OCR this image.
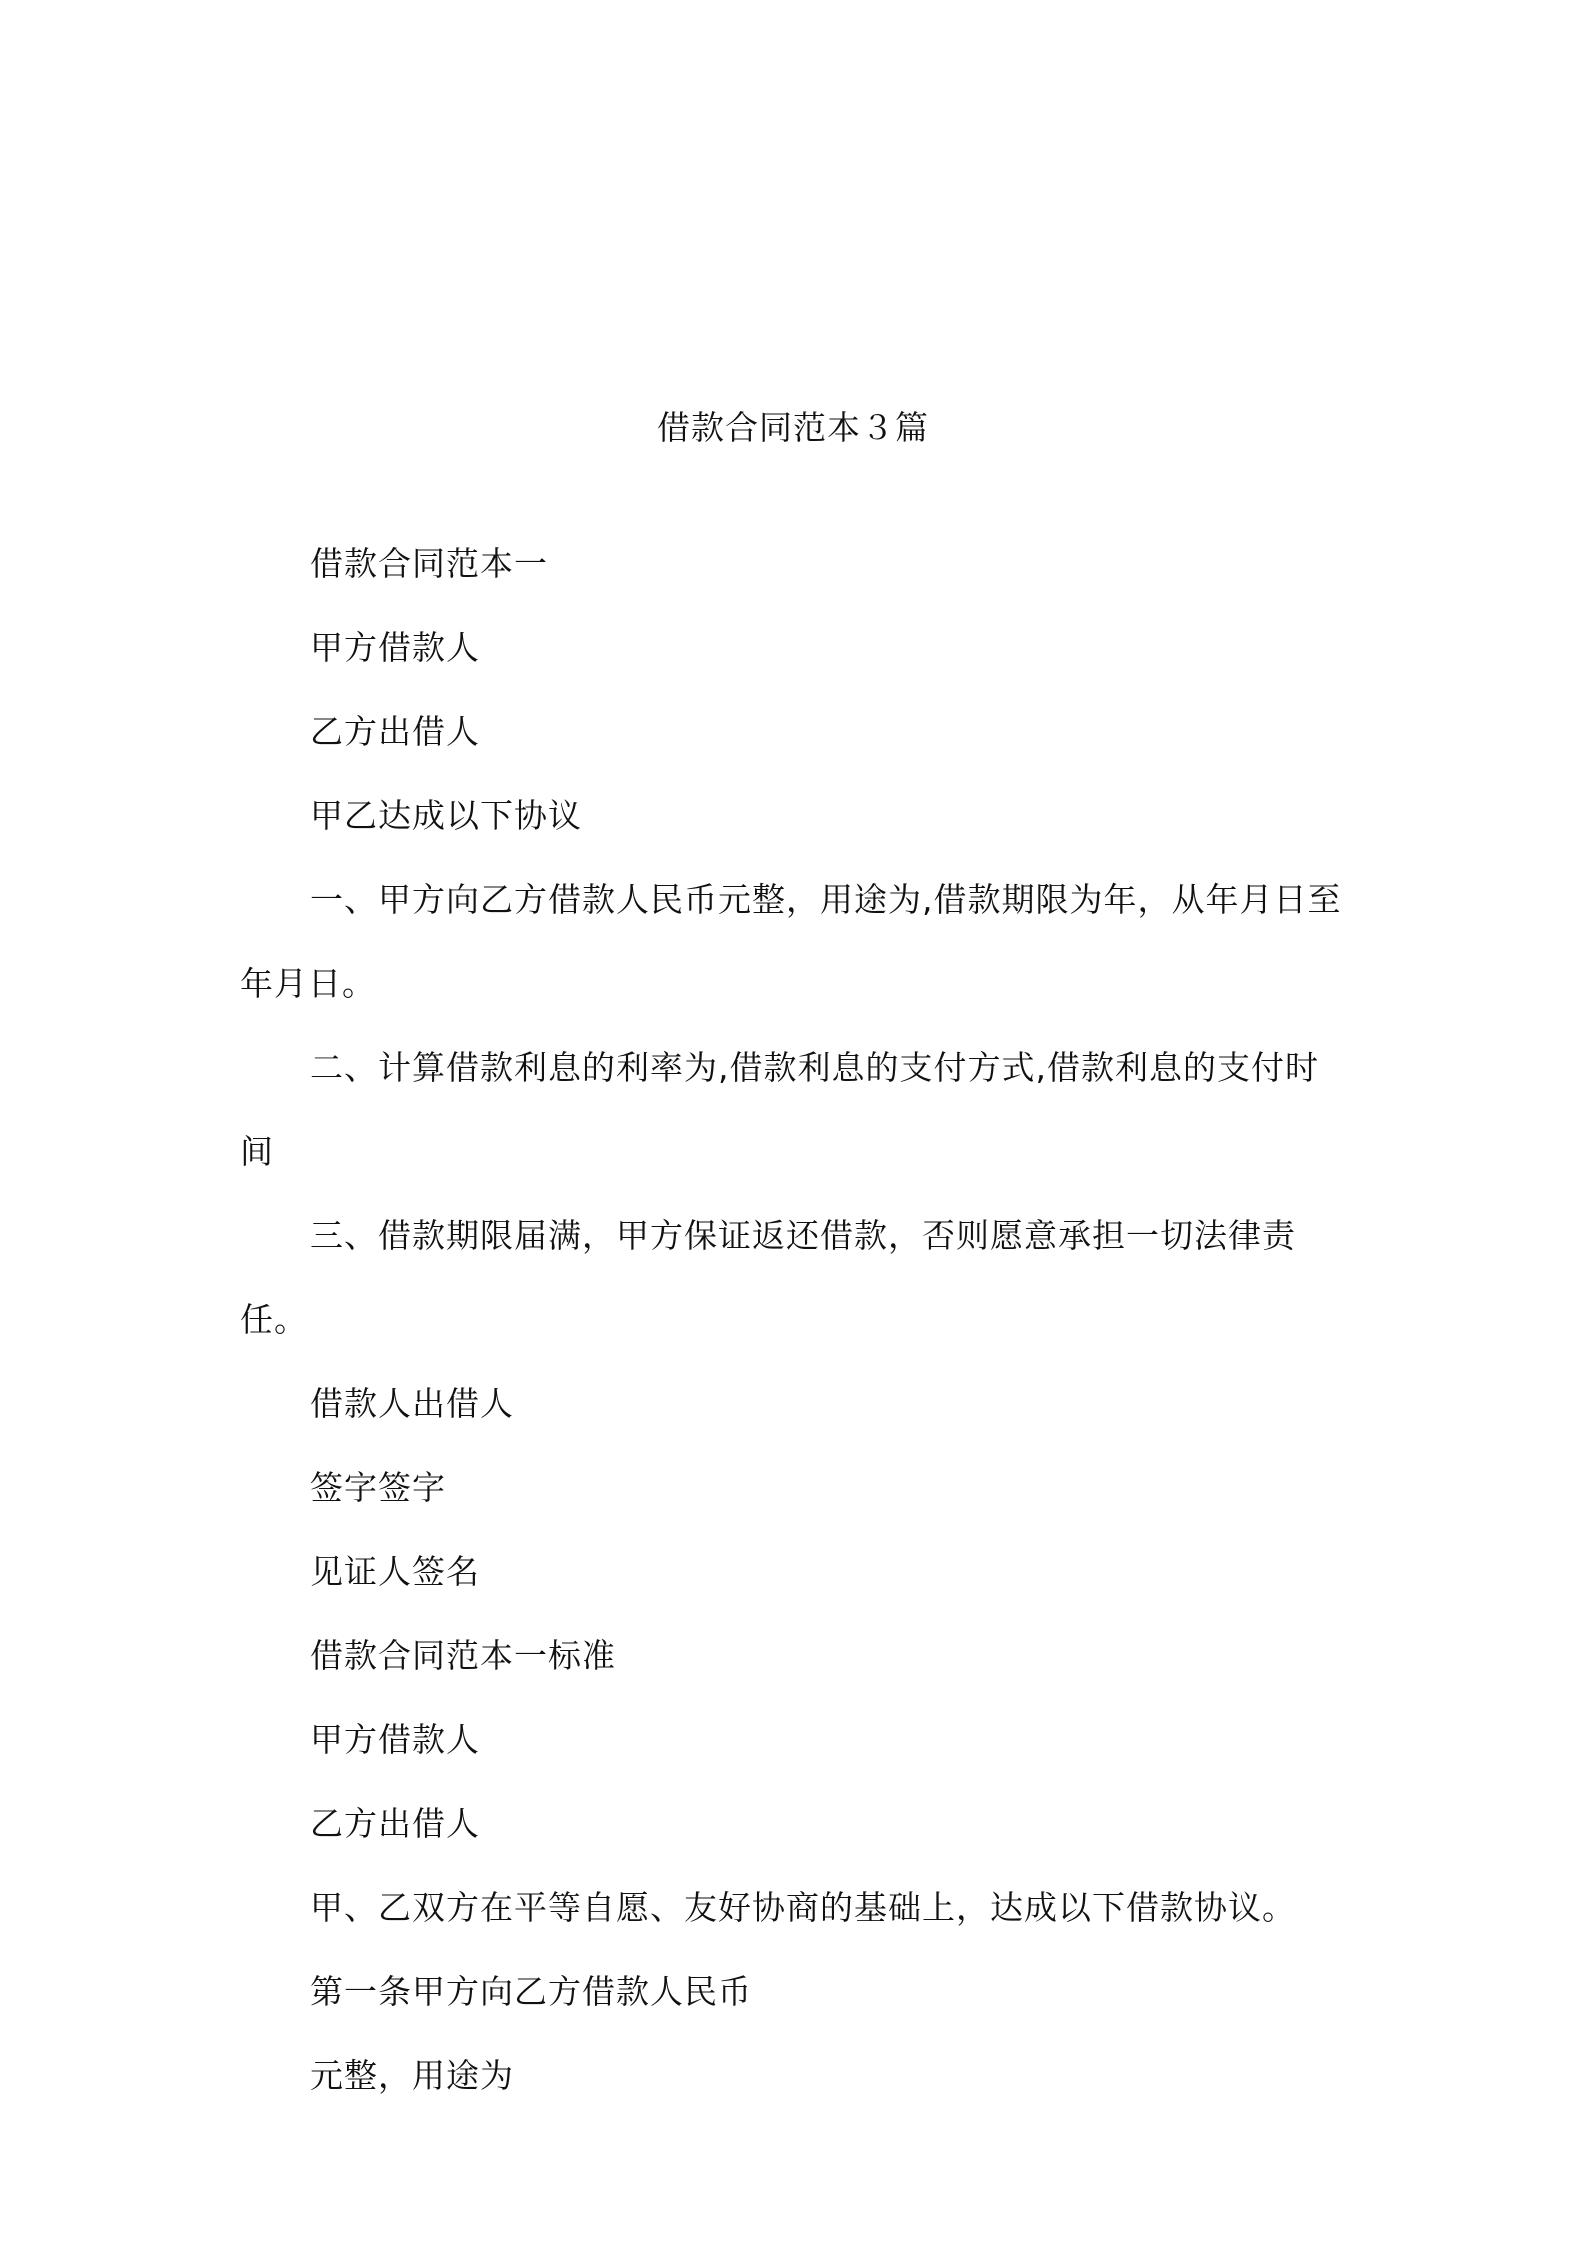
借款合同范本３篇

借款合同范本一

甲方借款人

乙方出借人

甲乙达成以下协议

一、甲方向乙方借款人民币元整，用途为,借款期限为年，从年月日至年月日。

二、计算借款利息的利率为,借款利息的支付方式,借款利息的支付时间

三、借款期限届满，甲方保证返还借款，否则愿意承担一切法律责任。

借款人出借人

签字签字

见证人签名

借款合同范本一标准

甲方借款人

乙方出借人

甲、乙双方在平等自愿、友好协商的基础上，达成以下借款协议。

第一条甲方向乙方借款人民币

元整，用途为
